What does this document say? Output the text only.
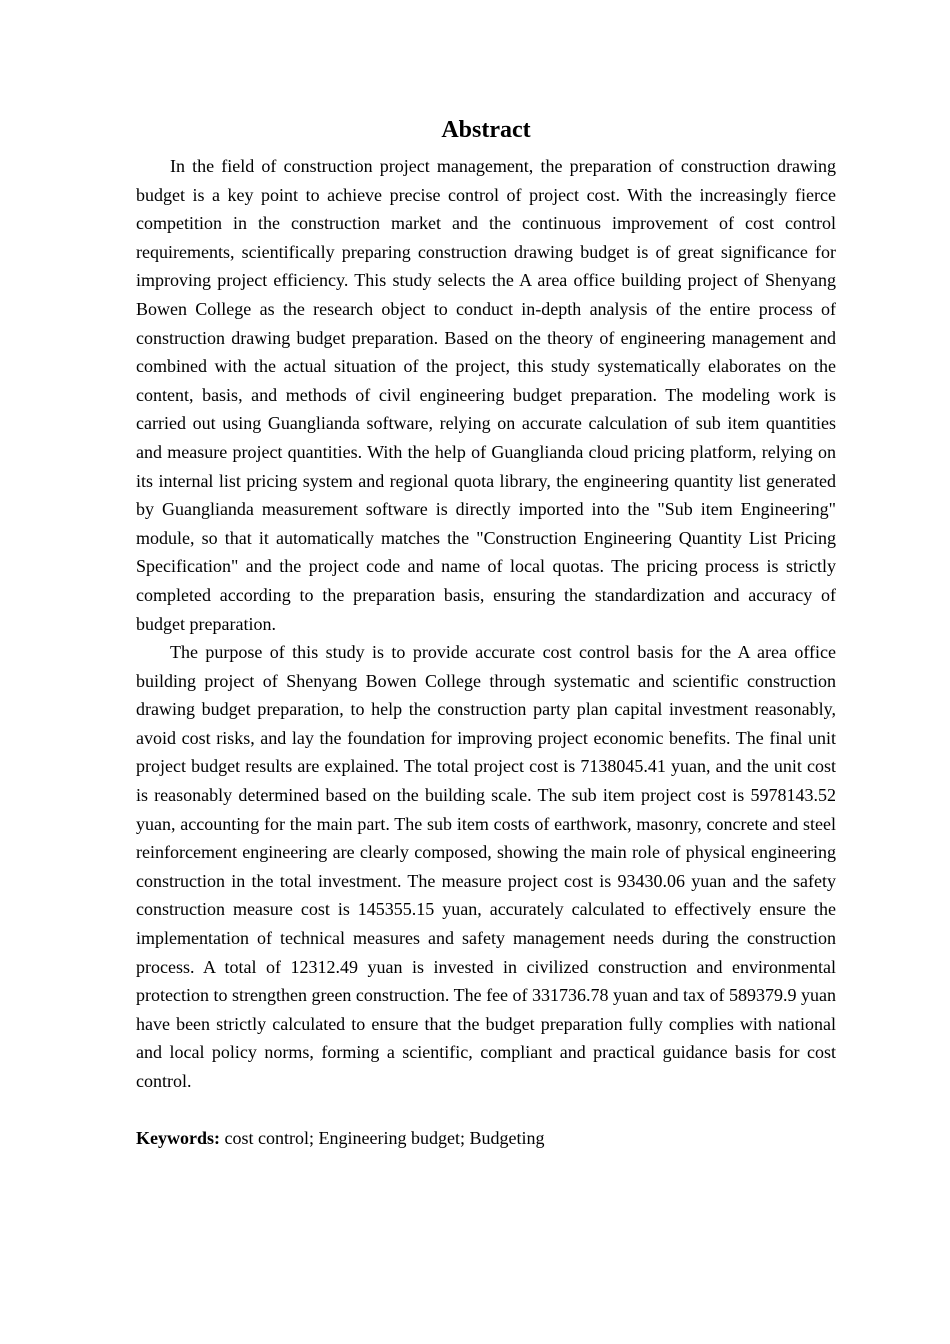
Abstract

In the field of construction project management, the preparation of construction drawing budget is a key point to achieve precise control of project cost. With the increasingly fierce competition in the construction market and the continuous improvement of cost control requirements, scientifically preparing construction drawing budget is of great significance for improving project efficiency. This study selects the A area office building project of Shenyang Bowen College as the research object to conduct in-depth analysis of the entire process of construction drawing budget preparation. Based on the theory of engineering management and combined with the actual situation of the project, this study systematically elaborates on the content, basis, and methods of civil engineering budget preparation. The modeling work is carried out using Guanglianda software, relying on accurate calculation of sub item quantities and measure project quantities. With the help of Guanglianda cloud pricing platform, relying on its internal list pricing system and regional quota library, the engineering quantity list generated by Guanglianda measurement software is directly imported into the "Sub item Engineering" module, so that it automatically matches the "Construction Engineering Quantity List Pricing Specification" and the project code and name of local quotas. The pricing process is strictly completed according to the preparation basis, ensuring the standardization and accuracy of budget preparation.

The purpose of this study is to provide accurate cost control basis for the A area office building project of Shenyang Bowen College through systematic and scientific construction drawing budget preparation, to help the construction party plan capital investment reasonably, avoid cost risks, and lay the foundation for improving project economic benefits. The final unit project budget results are explained. The total project cost is 7138045.41 yuan, and the unit cost is reasonably determined based on the building scale. The sub item project cost is 5978143.52 yuan, accounting for the main part. The sub item costs of earthwork, masonry, concrete and steel reinforcement engineering are clearly composed, showing the main role of physical engineering construction in the total investment. The measure project cost is 93430.06 yuan and the safety construction measure cost is 145355.15 yuan, accurately calculated to effectively ensure the implementation of technical measures and safety management needs during the construction process. A total of 12312.49 yuan is invested in civilized construction and environmental protection to strengthen green construction. The fee of 331736.78 yuan and tax of 589379.9 yuan have been strictly calculated to ensure that the budget preparation fully complies with national and local policy norms, forming a scientific, compliant and practical guidance basis for cost control.

Keywords: cost control; Engineering budget; Budgeting
